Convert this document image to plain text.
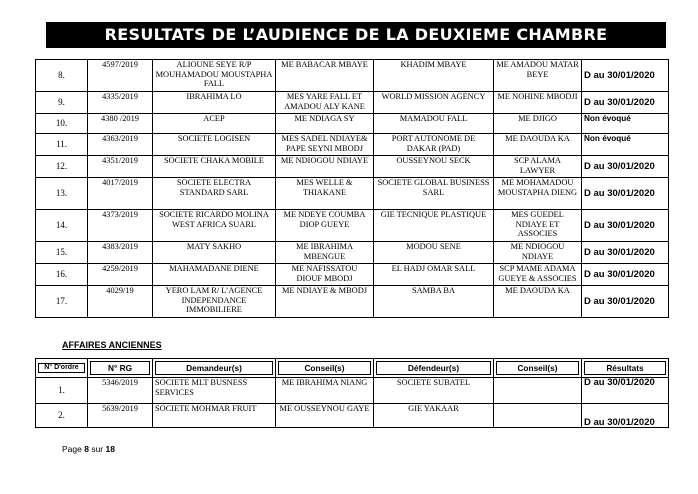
RESULTATS DE L’AUDIENCE DE LA DEUXIEME CHAMBRE
8.	4597/2019	ALIOUNE SEYE R/P MOUHAMADOU MOUSTAPHA FALL	ME BABACAR MBAYE	KHADIM MBAYE	ME AMADOU MATAR BEYE	D au 30/01/2020
9.	4335/2019	IBRAHIMA LO	MES YARE FALL ET AMADOU ALY KANE	WORLD MISSION AGENCY	ME NOHINE MBODJI	D au 30/01/2020
10.	4380 /2019	ACEP	ME NDIAGA SY	MAMADOU FALL	ME DJIGO	Non évoqué
11.	4363/2019	SOCIETE LOGISEN	MES SADEL NDIAYE& PAPE SEYNI MBODJ	PORT AUTONOME DE DAKAR (PAD)	ME DAOUDA KA	Non évoqué
12.	4351/2019	SOCIETE CHAKA MOBILE	ME NDIOGOU NDIAYE	OUSSEYNOU SECK	SCP ALAMA LAWYER	D au 30/01/2020
13.	4017/2019	SOCIETE ELECTRA STANDARD SARL	MES WELLE & THIAKANE	SOCIETE GLOBAL BUSINESS SARL	ME MOHAMADOU MOUSTAPHA DIENG	D au 30/01/2020
14.	4373/2019	SOCIETE RICARDO MOLINA WEST AFRICA SUARL	ME NDEYE COUMBA DIOP GUEYE	GIE TECNIQUE PLASTIQUE	MES GUEDEL NDIAYE ET ASSOCIES	D au 30/01/2020
15.	4383/2019	MATY SAKHO	ME IBRAHIMA MBENGUE	MODOU SENE	ME NDIOGOU NDIAYE	D au 30/01/2020
16.	4259/2019	MAHAMADANE DIENE	ME NAFISSATOU DIOUF MBODJ	EL HADJ OMAR SALL	SCP MAME ADAMA GUEYE & ASSOCIES	D au 30/01/2020
17.	4029/19	YERO LAM R/ L’AGENCE INDEPENDANCE IMMOBILIERE	ME NDIAYE & MBODJ	SAMBA BA	ME DAOUDA KA	D au 30/01/2020
AFFAIRES ANCIENNES
N° D'ordre	N° RG	Demandeur(s)	Conseil(s)	Défendeur(s)	Conseil(s)	Résultats

1.	5346/2019	SOCIETE MLT BUSNESS SERVICES	ME IBRAHIMA NIANG	SOCIETE SUBATEL		D au 30/01/2020
2.	5639/2019	SOCIETE MOHMAR FRUIT	ME OUSSEYNOU GAYE	GIE YAKAAR		D au 30/01/2020
Page 8 sur 18
